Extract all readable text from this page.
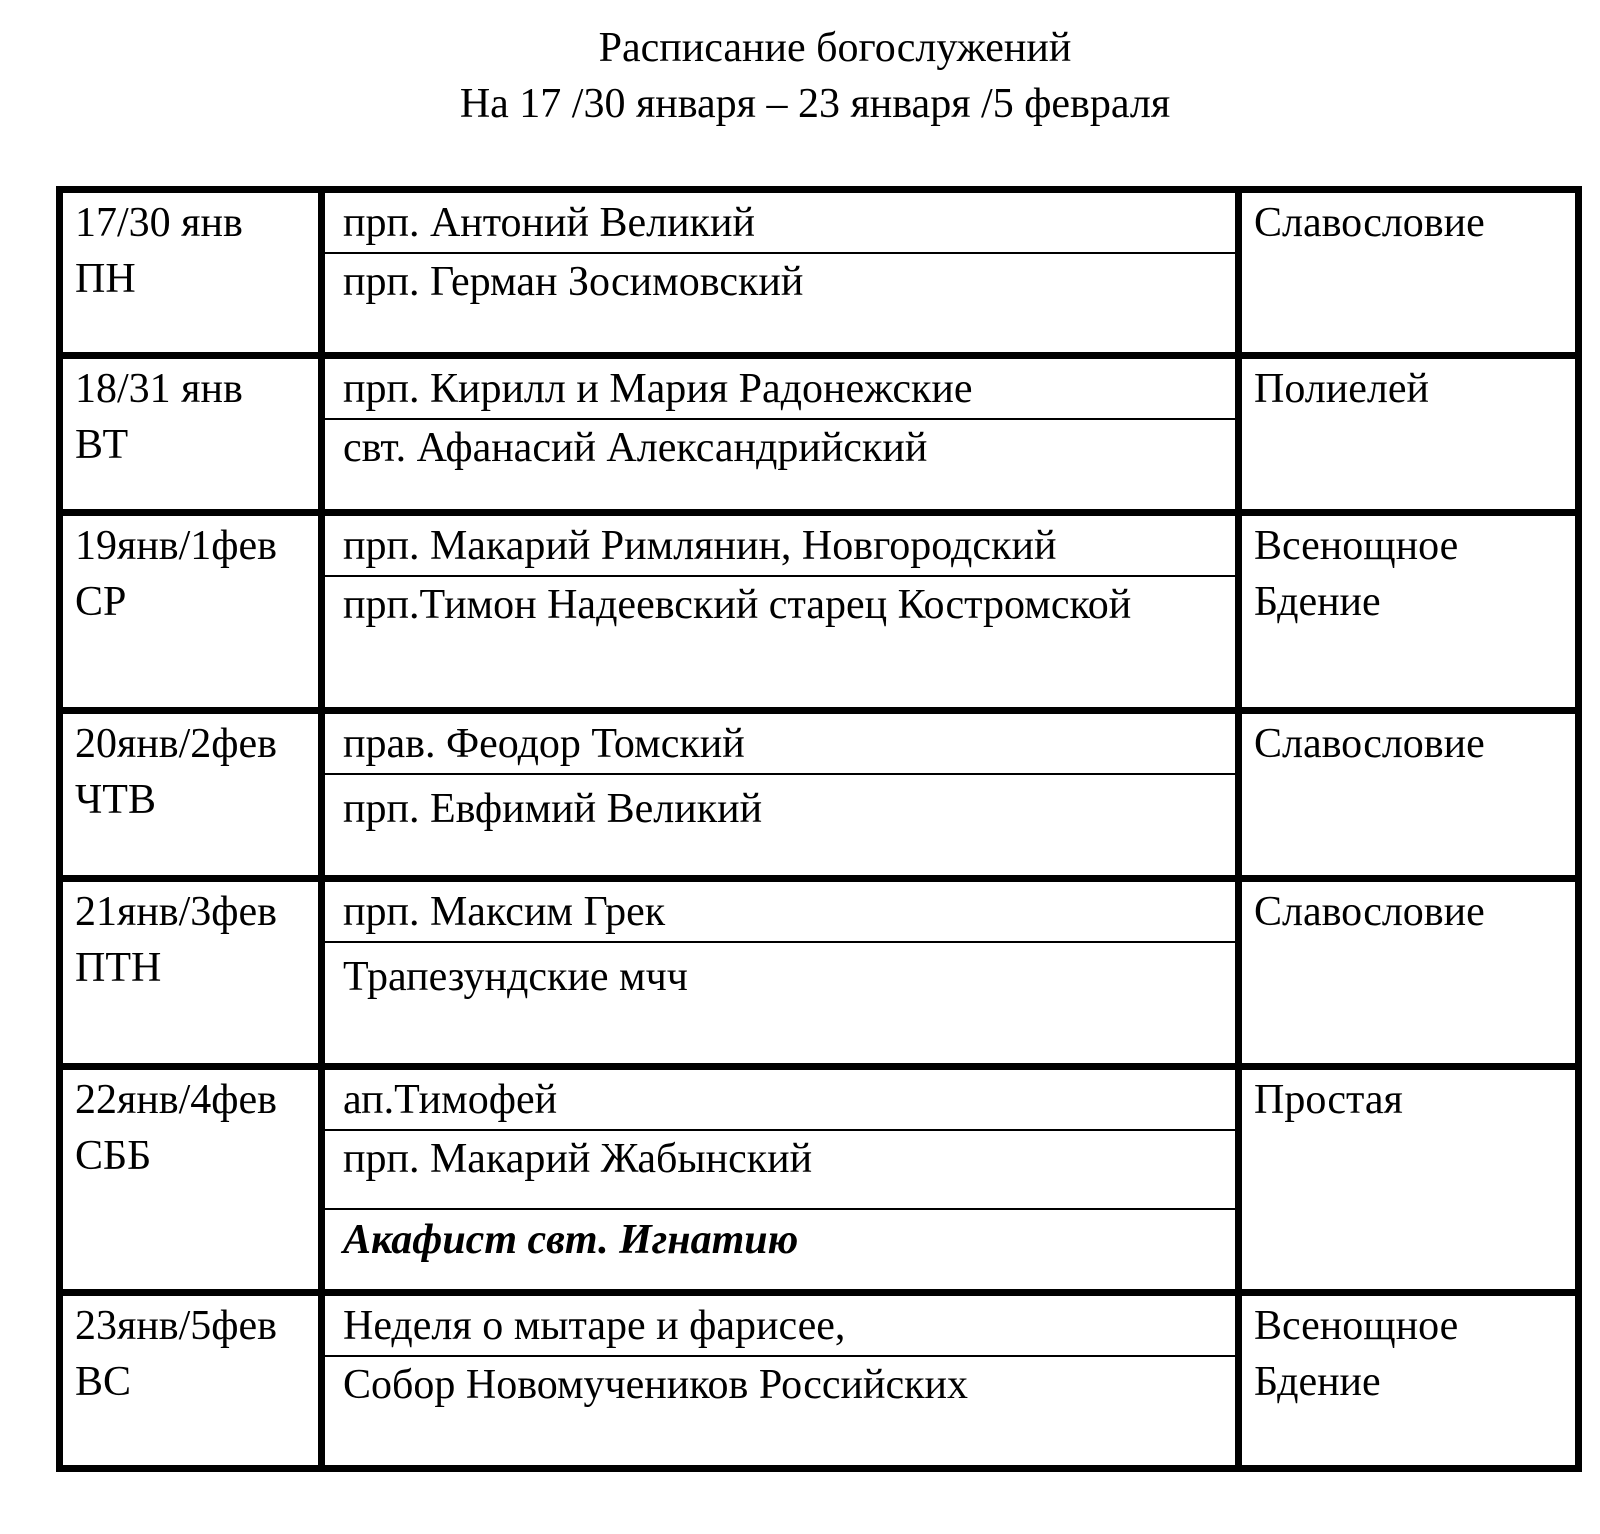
Расписание богослужений
На 17 /30 января – 23 января /5 февраля
17/30 янв
ПН
прп. Антоний Великий
прп. Герман Зосимовский
Славословие
18/31 янв
ВТ
прп. Кирилл и Мария Радонежские
свт. Афанасий Александрийский
Полиелей
19янв/1фев
СР
прп. Макарий Римлянин, Новгородский
прп.Тимон Надеевский старец Костромской
Всенощное
Бдение
20янв/2фев
ЧТВ
прав. Феодор Томский
прп. Евфимий Великий
Славословие
21янв/3фев
ПТН
прп. Максим Грек
Трапезундские мчч
Славословие
22янв/4фев
СББ
ап.Тимофей
прп. Макарий Жабынский
Акафист свт. Игнатию
Простая
23янв/5фев
ВС
Неделя о мытаре и фарисее,
Собор Новомучеников Российских
Всенощное
Бдение
